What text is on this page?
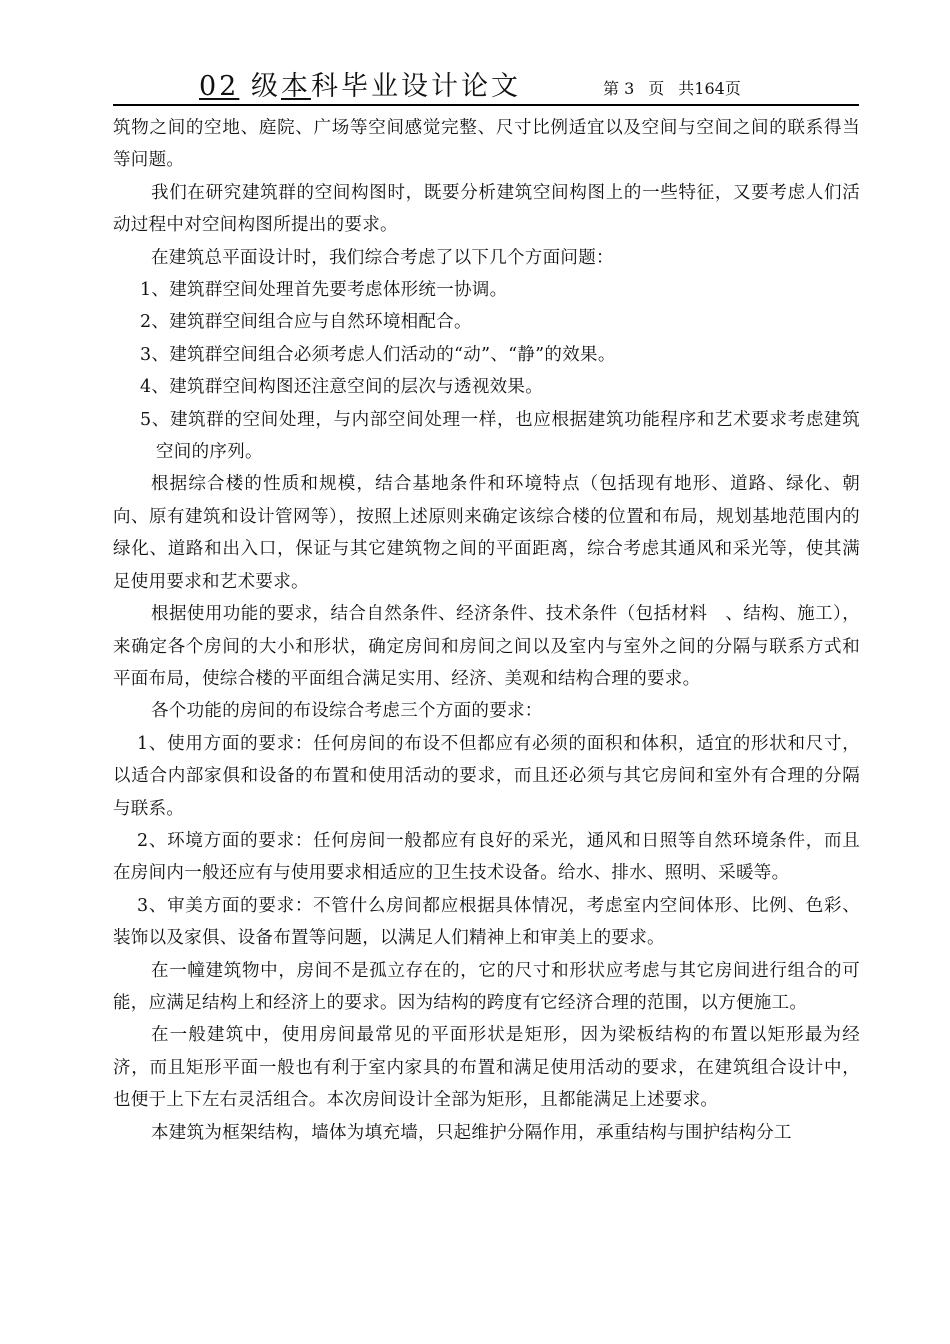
02 级本科毕业设计论文	第 3 页 共164页

筑物之间的空地、庭院、广场等空间感觉完整、尺寸比例适宜以及空间与空间之间的联系得当等问题。

我们在研究建筑群的空间构图时，既要分析建筑空间构图上的一些特征，又要考虑人们活动过程中对空间构图所提出的要求。

在建筑总平面设计时，我们综合考虑了以下几个方面问题：

1、建筑群空间处理首先要考虑体形统一协调。

2、建筑群空间组合应与自然环境相配合。

3、建筑群空间组合必须考虑人们活动的“动”、“静”的效果。

4、建筑群空间构图还注意空间的层次与透视效果。

5、建筑群的空间处理，与内部空间处理一样，也应根据建筑功能程序和艺术要求考虑建筑空间的序列。

根据综合楼的性质和规模，结合基地条件和环境特点（包括现有地形、道路、绿化、朝向、原有建筑和设计管网等），按照上述原则来确定该综合楼的位置和布局，规划基地范围内的绿化、道路和出入口，保证与其它建筑物之间的平面距离，综合考虑其通风和采光等，使其满足使用要求和艺术要求。

根据使用功能的要求，结合自然条件、经济条件、技术条件（包括材料　、结构、施工），来确定各个房间的大小和形状，确定房间和房间之间以及室内与室外之间的分隔与联系方式和平面布局，使综合楼的平面组合满足实用、经济、美观和结构合理的要求。

各个功能的房间的布设综合考虑三个方面的要求：

1、使用方面的要求：任何房间的布设不但都应有必须的面积和体积，适宜的形状和尺寸，以适合内部家俱和设备的布置和使用活动的要求，而且还必须与其它房间和室外有合理的分隔与联系。

2、环境方面的要求：任何房间一般都应有良好的采光，通风和日照等自然环境条件，而且在房间内一般还应有与使用要求相适应的卫生技术设备。给水、排水、照明、采暖等。

3、审美方面的要求：不管什么房间都应根据具体情况，考虑室内空间体形、比例、色彩、装饰以及家俱、设备布置等问题，以满足人们精神上和审美上的要求。

在一幢建筑物中，房间不是孤立存在的，它的尺寸和形状应考虑与其它房间进行组合的可能，应满足结构上和经济上的要求。因为结构的跨度有它经济合理的范围，以方便施工。

在一般建筑中，使用房间最常见的平面形状是矩形，因为梁板结构的布置以矩形最为经济，而且矩形平面一般也有利于室内家具的布置和满足使用活动的要求，在建筑组合设计中，也便于上下左右灵活组合。本次房间设计全部为矩形，且都能满足上述要求。

本建筑为框架结构，墙体为填充墙，只起维护分隔作用，承重结构与围护结构分工
